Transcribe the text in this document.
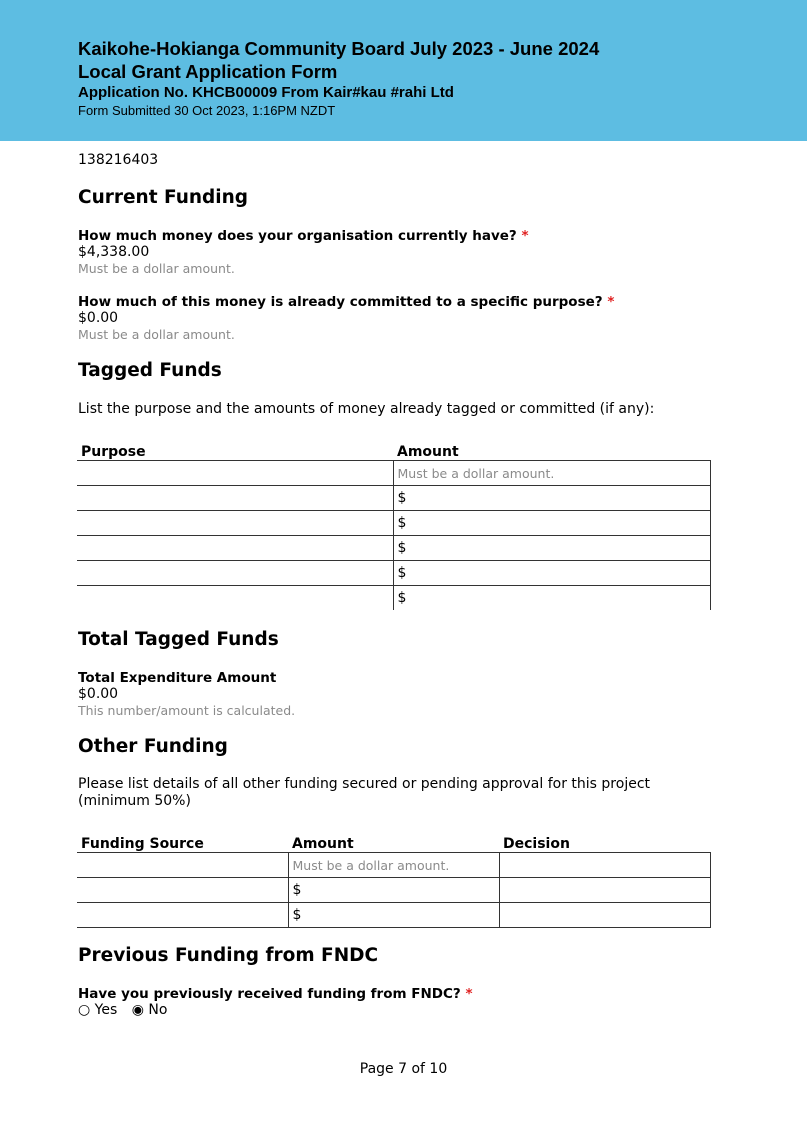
Kaikohe-Hokianga Community Board July 2023 - June 2024
Local Grant Application Form
Application No. KHCB00009 From Kair#kau #rahi Ltd
Form Submitted 30 Oct 2023, 1:16PM NZDT
138216403
Current Funding
How much money does your organisation currently have? *
$4,338.00
Must be a dollar amount.
How much of this money is already committed to a specific purpose? *
$0.00
Must be a dollar amount.
Tagged Funds
List the purpose and the amounts of money already tagged or committed (if any):
Purpose	Amount
	Must be a dollar amount.
	$
	$
	$
	$
	$
Total Tagged Funds
Total Expenditure Amount
$0.00
This number/amount is calculated.
Other Funding
Please list details of all other funding secured or pending approval for this project (minimum 50%)
Funding Source	Amount	Decision
	Must be a dollar amount.	
	$	
	$	
Previous Funding from FNDC
Have you previously received funding from FNDC? *
○ Yes ◉ No
Page 7 of 10
